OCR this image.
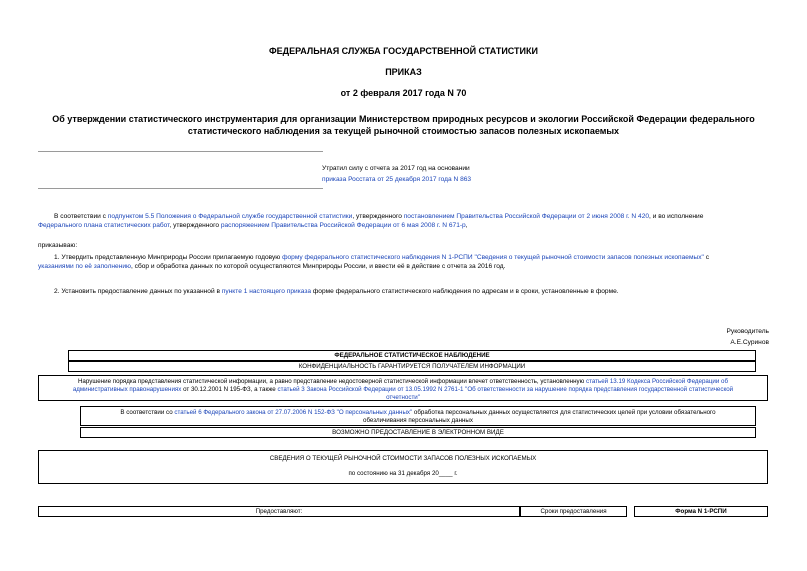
ФЕДЕРАЛЬНАЯ СЛУЖБА ГОСУДАРСТВЕННОЙ СТАТИСТИКИ
ПРИКАЗ
от 2 февраля 2017 года N 70
Об утверждении статистического инструментария для организации Министерством природных ресурсов и экологии Российской Федерации федерального
статистического наблюдения за текущей рыночной стоимостью запасов полезных ископаемых
Утратил силу с отчета за 2017 год на основании
приказа Росстата от 25 декабря 2017 года N 863
В соответствии с подпунктом 5.5 Положения о Федеральной службе государственной статистики, утвержденного постановлением Правительства Российской Федерации от 2 июня 2008 г. N 420, и во исполнение
Федерального плана статистических работ, утвержденного распоряжением Правительства Российской Федерации от 6 мая 2008 г. N 671-р,
приказываю:
1. Утвердить представленную Минприроды России прилагаемую годовую форму федерального статистического наблюдения N 1-РСПИ "Сведения о текущей рыночной стоимости запасов полезных ископаемых" с
указаниями по её заполнению, сбор и обработка данных по которой осуществляются Минприроды России, и ввести её в действие с отчета за 2016 год.
2. Установить предоставление данных по указанной в пункте 1 настоящего приказа форме федерального статистического наблюдения по адресам и в сроки, установленные в форме.
Руководитель
А.Е.Суринов
ФЕДЕРАЛЬНОЕ СТАТИСТИЧЕСКОЕ НАБЛЮДЕНИЕ
КОНФИДЕНЦИАЛЬНОСТЬ ГАРАНТИРУЕТСЯ ПОЛУЧАТЕЛЕМ ИНФОРМАЦИИ
Нарушение порядка представления статистической информации, а равно представление недостоверной статистической информации влечет ответственность, установленную статьей 13.19 Кодекса Российской Федерации об
административных правонарушениях от 30.12.2001 N 195-ФЗ, а также статьей 3 Закона Российской Федерации от 13.05.1992 N 2761-1 "Об ответственности за нарушение порядка представления государственной статистической
отчетности"
В соответствии со статьей 6 Федерального закона от 27.07.2006 N 152-ФЗ "О персональных данных" обработка персональных данных осуществляется для статистических целей при условии обязательного
обезличивания персональных данных
ВОЗМОЖНО ПРЕДОСТАВЛЕНИЕ В ЭЛЕКТРОННОМ ВИДЕ
СВЕДЕНИЯ О ТЕКУЩЕЙ РЫНОЧНОЙ СТОИМОСТИ ЗАПАСОВ ПОЛЕЗНЫХ ИСКОПАЕМЫХ
по состоянию на 31 декабря 20____ г.
Предоставляют:	Сроки предоставления	Форма N 1-РСПИ
